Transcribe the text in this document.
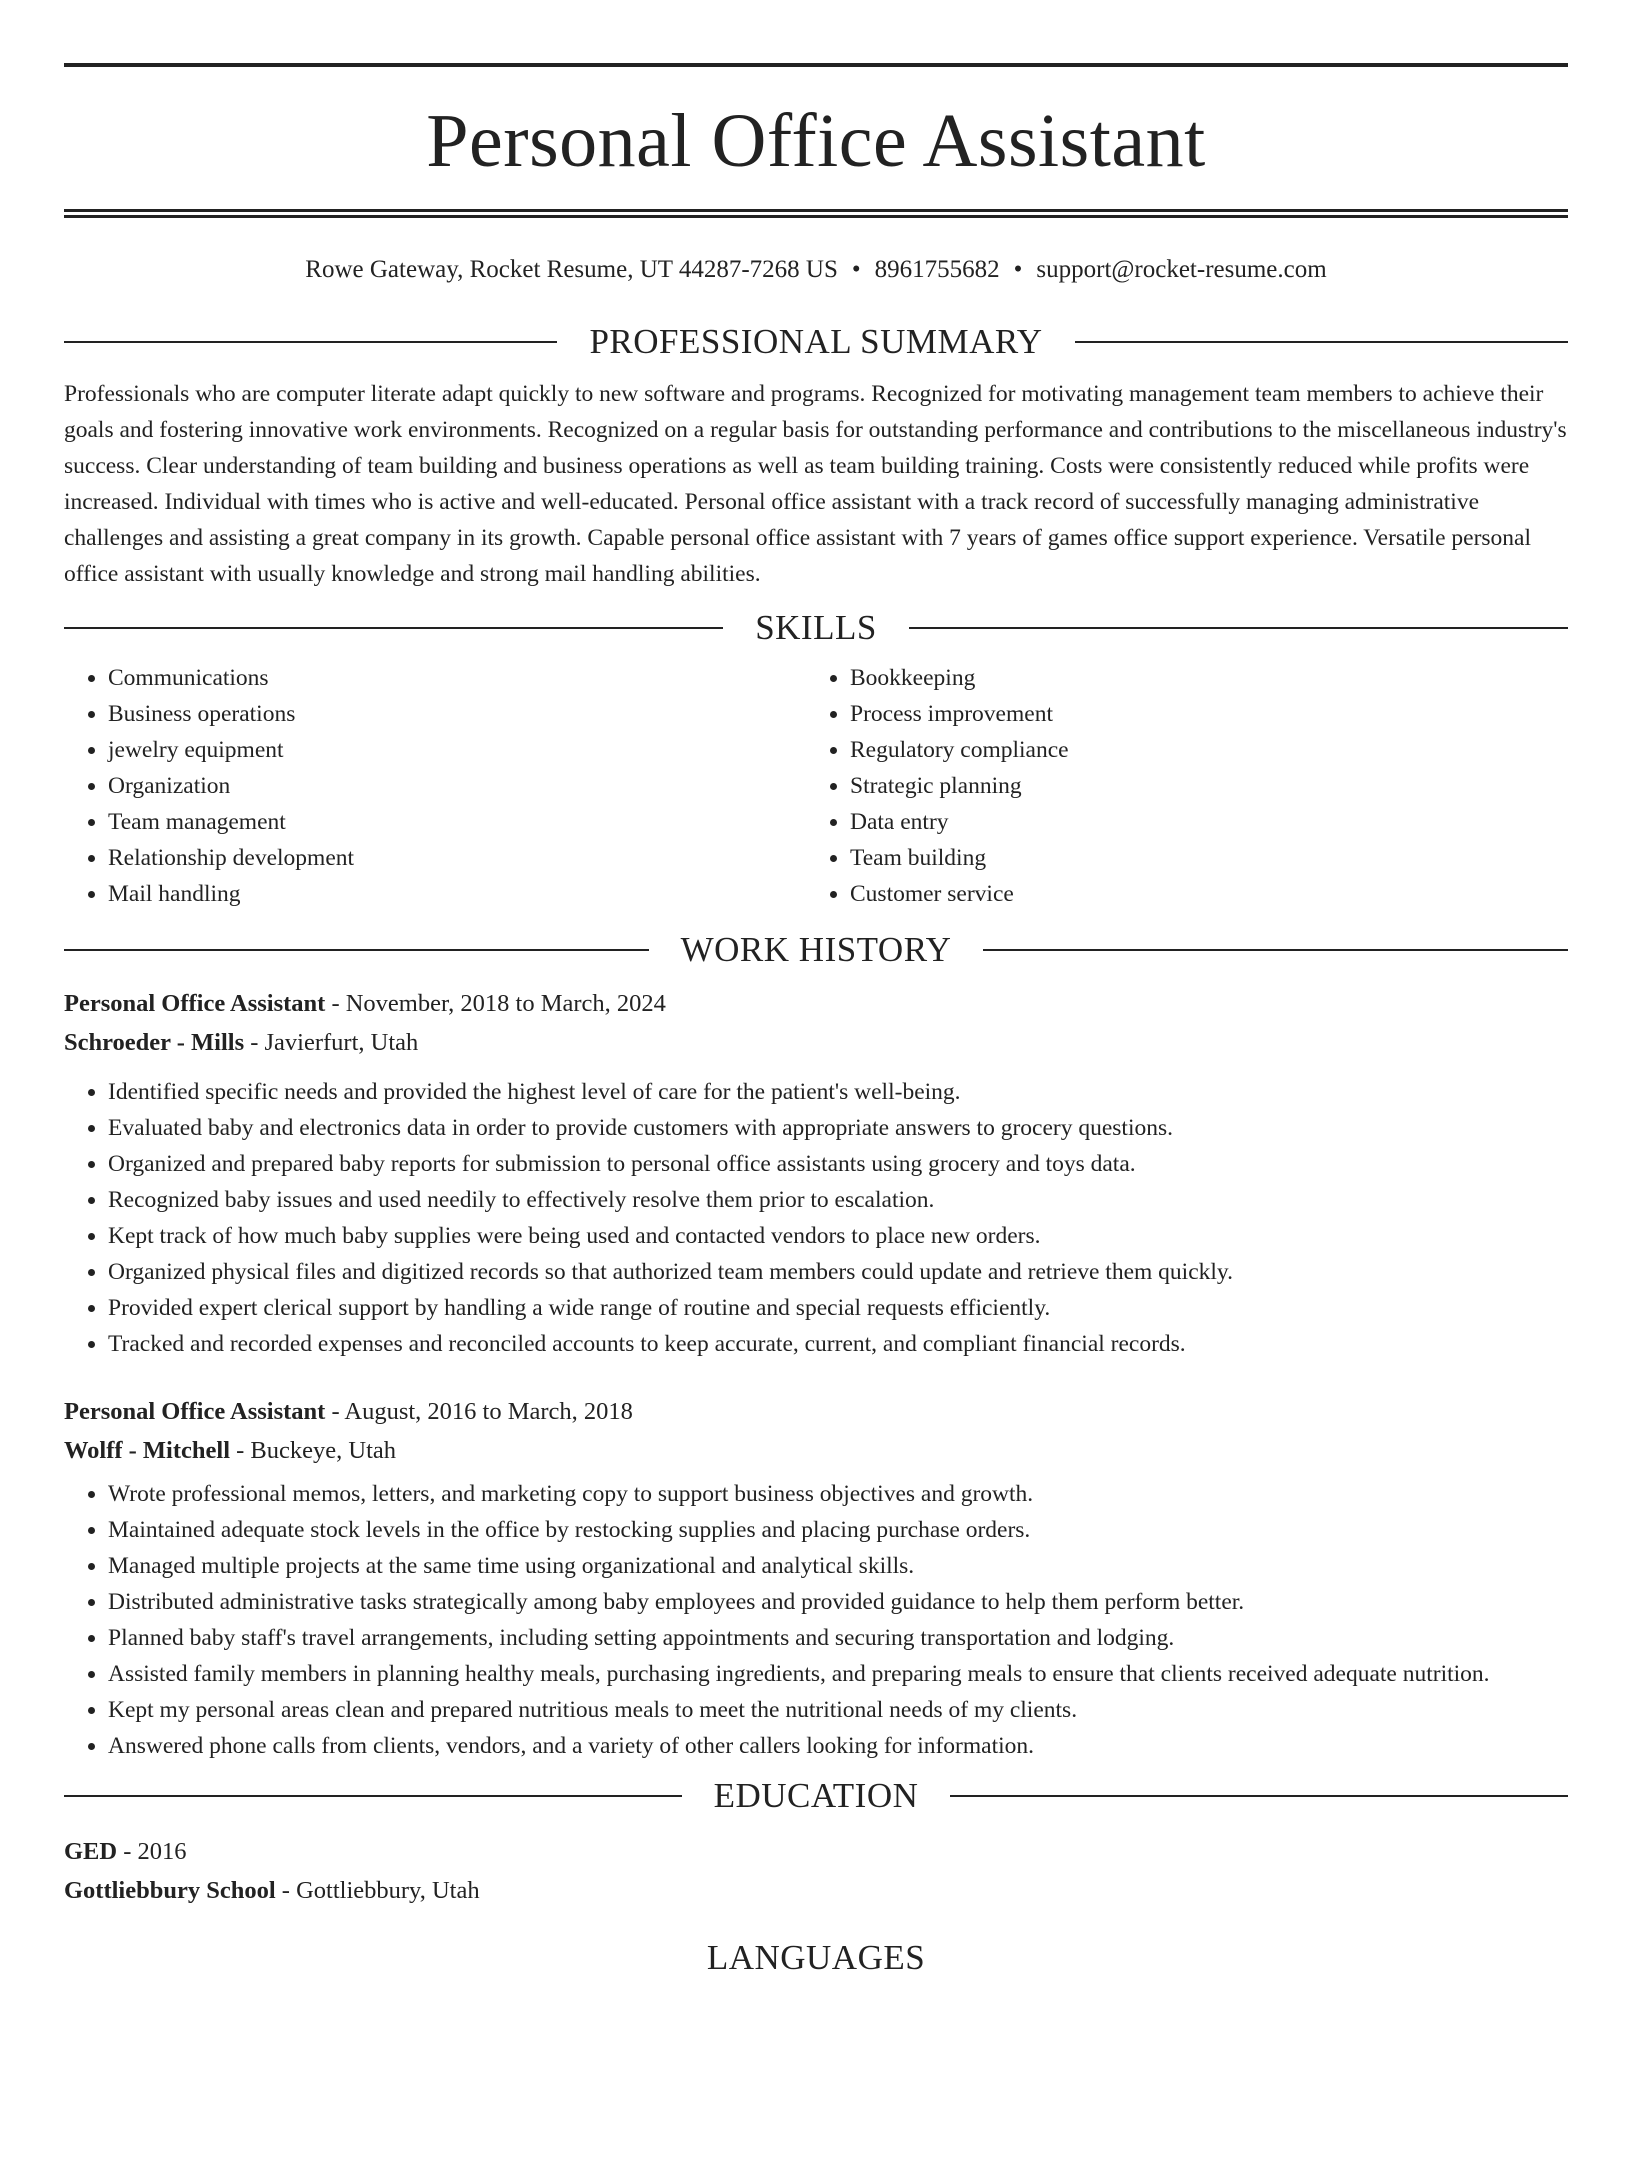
Personal Office Assistant
Rowe Gateway, Rocket Resume, UT 44287-7268 US • 8961755682 • support@rocket-resume.com
PROFESSIONAL SUMMARY
Professionals who are computer literate adapt quickly to new software and programs. Recognized for motivating management team members to achieve their goals and fostering innovative work environments. Recognized on a regular basis for outstanding performance and contributions to the miscellaneous industry's success. Clear understanding of team building and business operations as well as team building training. Costs were consistently reduced while profits were increased. Individual with times who is active and well-educated. Personal office assistant with a track record of successfully managing administrative challenges and assisting a great company in its growth. Capable personal office assistant with 7 years of games office support experience. Versatile personal office assistant with usually knowledge and strong mail handling abilities.
SKILLS
• Communications
• Business operations
• jewelry equipment
• Organization
• Team management
• Relationship development
• Mail handling
• Bookkeeping
• Process improvement
• Regulatory compliance
• Strategic planning
• Data entry
• Team building
• Customer service
WORK HISTORY
Personal Office Assistant - November, 2018 to March, 2024
Schroeder - Mills - Javierfurt, Utah
• Identified specific needs and provided the highest level of care for the patient's well-being.
• Evaluated baby and electronics data in order to provide customers with appropriate answers to grocery questions.
• Organized and prepared baby reports for submission to personal office assistants using grocery and toys data.
• Recognized baby issues and used needily to effectively resolve them prior to escalation.
• Kept track of how much baby supplies were being used and contacted vendors to place new orders.
• Organized physical files and digitized records so that authorized team members could update and retrieve them quickly.
• Provided expert clerical support by handling a wide range of routine and special requests efficiently.
• Tracked and recorded expenses and reconciled accounts to keep accurate, current, and compliant financial records.
Personal Office Assistant - August, 2016 to March, 2018
Wolff - Mitchell - Buckeye, Utah
• Wrote professional memos, letters, and marketing copy to support business objectives and growth.
• Maintained adequate stock levels in the office by restocking supplies and placing purchase orders.
• Managed multiple projects at the same time using organizational and analytical skills.
• Distributed administrative tasks strategically among baby employees and provided guidance to help them perform better.
• Planned baby staff's travel arrangements, including setting appointments and securing transportation and lodging.
• Assisted family members in planning healthy meals, purchasing ingredients, and preparing meals to ensure that clients received adequate nutrition.
• Kept my personal areas clean and prepared nutritious meals to meet the nutritional needs of my clients.
• Answered phone calls from clients, vendors, and a variety of other callers looking for information.
EDUCATION
GED - 2016
Gottliebbury School - Gottliebbury, Utah
LANGUAGES
